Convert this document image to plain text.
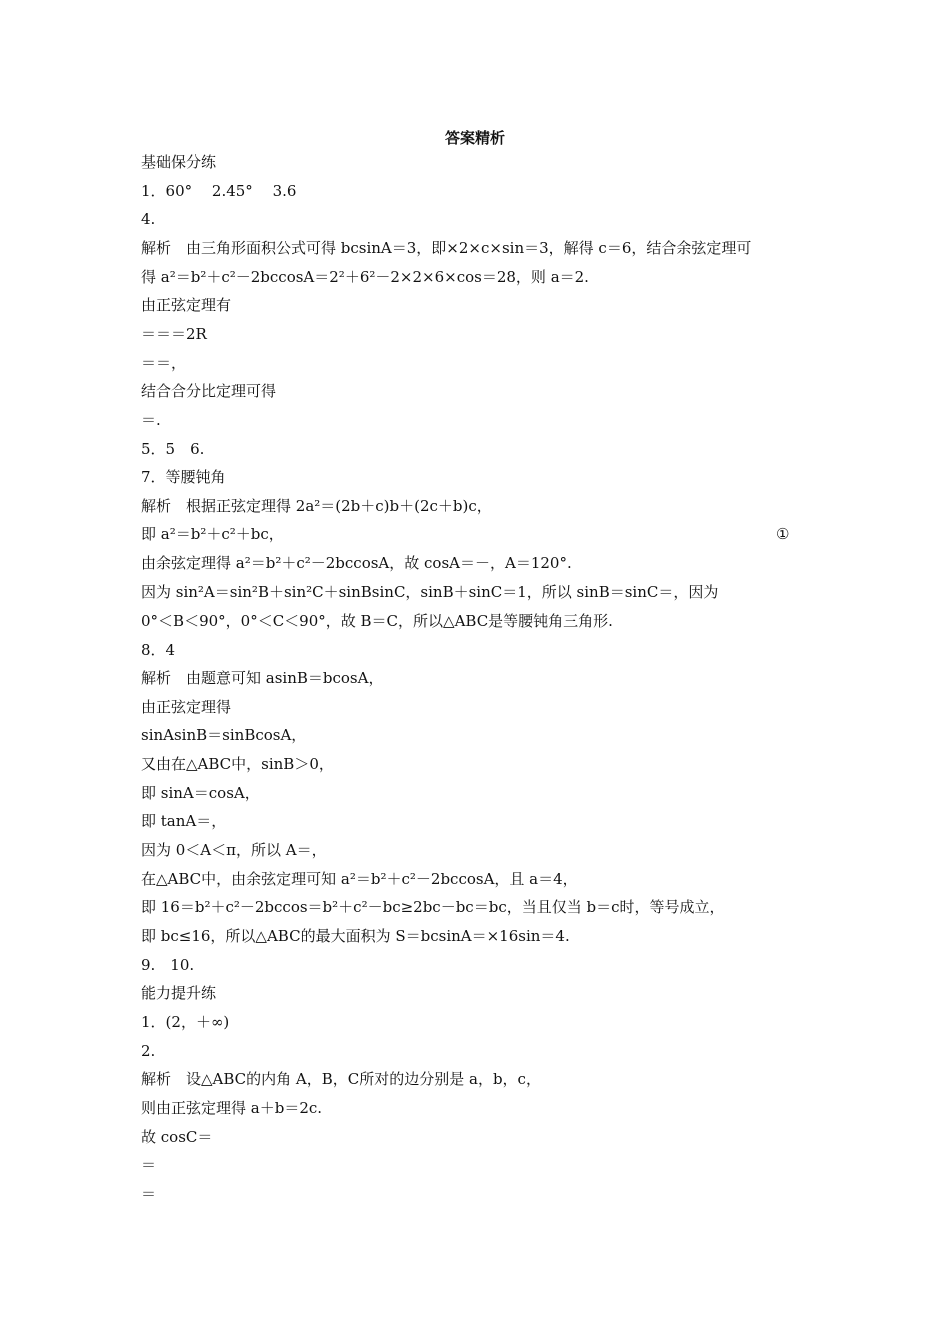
答案精析
基础保分练
1．60°　 2.45°　 3.6
4.
解析　由三角形面积公式可得 bcsinA＝3，即×2×c×sin＝3，解得 c＝6，结合余弦定理可
得 a²＝b²＋c²－2bccosA＝2²＋6²－2×2×6×cos＝28，则 a＝2.
由正弦定理有
＝＝＝2R
＝＝，
结合合分比定理可得
＝.
5．5　6.
7．等腰钝角
解析　根据正弦定理得 2a²＝(2b＋c)b＋(2c＋b)c，
即 a²＝b²＋c²＋bc，
由余弦定理得 a²＝b²＋c²－2bccosA，故 cosA＝－，A＝120°.
因为 sin²A＝sin²B＋sin²C＋sinBsinC，sinB＋sinC＝1，所以 sinB＝sinC＝，因为
0°＜B＜90°，0°＜C＜90°，故 B＝C，所以△ABC是等腰钝角三角形.
8．4
解析　由题意可知 asinB＝bcosA，
由正弦定理得
sinAsinB＝sinBcosA，
又由在△ABC中，sinB＞0，
即 sinA＝cosA，
即 tanA＝，
因为 0＜A＜π，所以 A＝，
在△ABC中，由余弦定理可知 a²＝b²＋c²－2bccosA，且 a＝4，
即 16＝b²＋c²－2bccos＝b²＋c²－bc≥2bc－bc＝bc，当且仅当 b＝c时，等号成立，
即 bc≤16，所以△ABC的最大面积为 S＝bcsinA＝×16sin＝4.
9.　10.
能力提升练
1．(2，＋∞)
2.
解析　设△ABC的内角 A，B，C所对的边分别是 a，b，c，
则由正弦定理得 a＋b＝2c.
故 cosC＝
＝
＝
①
